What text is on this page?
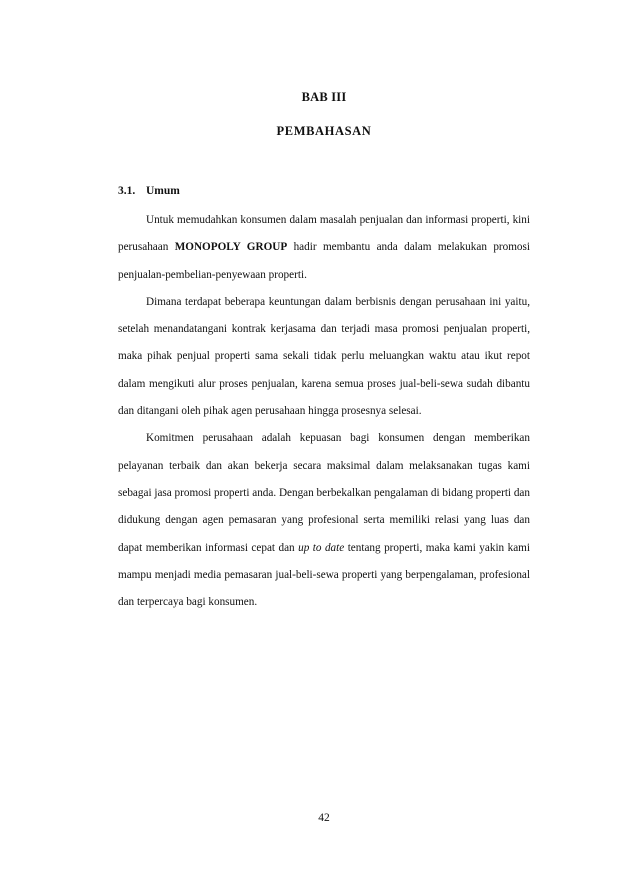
BAB III
PEMBAHASAN
3.1. Umum

Untuk memudahkan konsumen dalam masalah penjualan dan informasi properti, kini perusahaan MONOPOLY GROUP hadir membantu anda dalam melakukan promosi penjualan-pembelian-penyewaan properti.

Dimana terdapat beberapa keuntungan dalam berbisnis dengan perusahaan ini yaitu, setelah menandatangani kontrak kerjasama dan terjadi masa promosi penjualan properti, maka pihak penjual properti sama sekali tidak perlu meluangkan waktu atau ikut repot dalam mengikuti alur proses penjualan, karena semua proses jual-beli-sewa sudah dibantu dan ditangani oleh pihak agen perusahaan hingga prosesnya selesai.

Komitmen perusahaan adalah kepuasan bagi konsumen dengan memberikan pelayanan terbaik dan akan bekerja secara maksimal dalam melaksanakan tugas kami sebagai jasa promosi properti anda. Dengan berbekalkan pengalaman di bidang properti dan didukung dengan agen pemasaran yang profesional serta memiliki relasi yang luas dan dapat memberikan informasi cepat dan up to date tentang properti, maka kami yakin kami mampu menjadi media pemasaran jual-beli-sewa properti yang berpengalaman, profesional dan terpercaya bagi konsumen.

42
